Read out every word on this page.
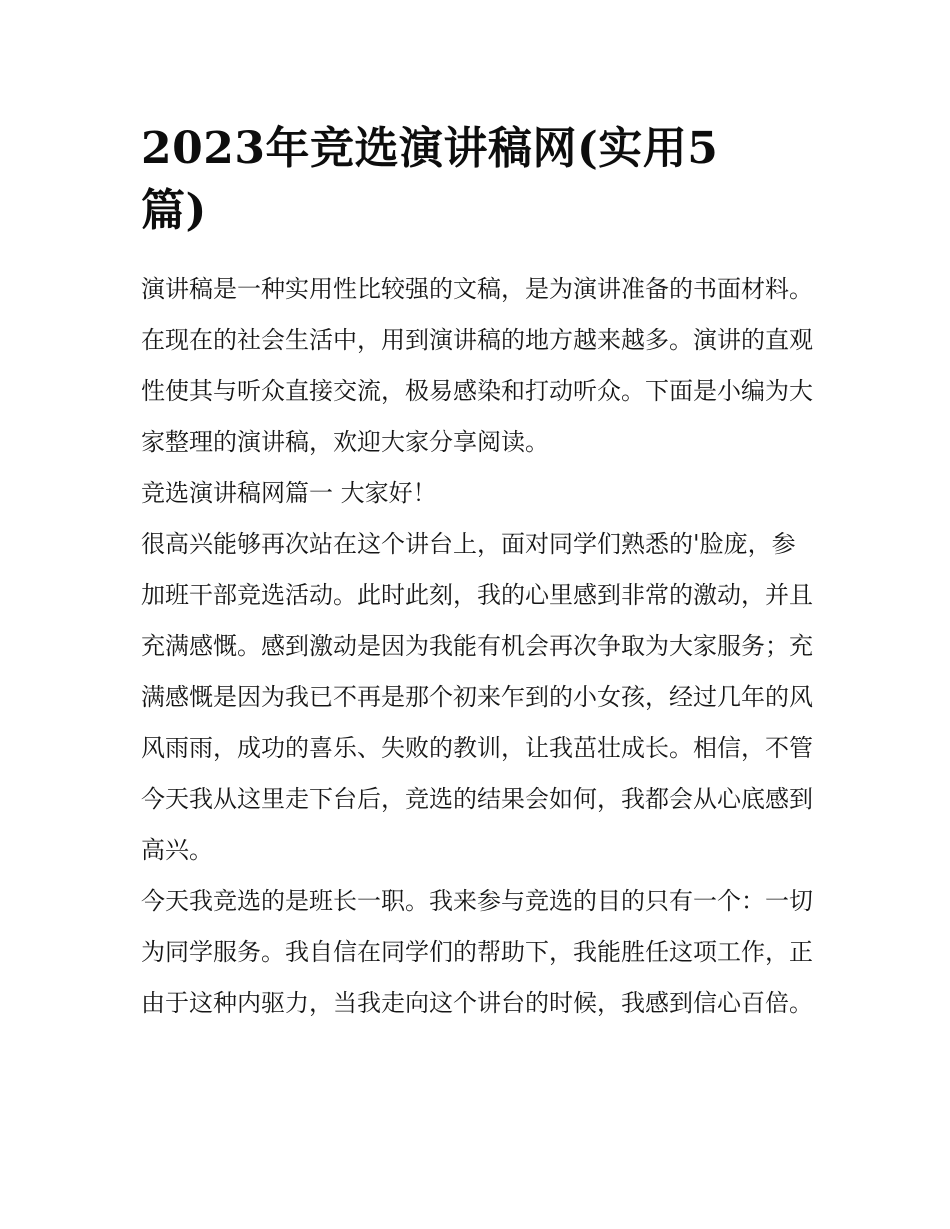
2023年竞选演讲稿网(实用5篇)

演讲稿是一种实用性比较强的文稿，是为演讲准备的书面材料。在现在的社会生活中，用到演讲稿的地方越来越多。演讲的直观性使其与听众直接交流，极易感染和打动听众。下面是小编为大家整理的演讲稿，欢迎大家分享阅读。

竞选演讲稿网篇一 大家好！

很高兴能够再次站在这个讲台上，面对同学们熟悉的'脸庞，参加班干部竞选活动。此时此刻，我的心里感到非常的激动，并且充满感慨。感到激动是因为我能有机会再次争取为大家服务；充满感慨是因为我已不再是那个初来乍到的小女孩，经过几年的风风雨雨，成功的喜乐、失败的教训，让我茁壮成长。相信，不管今天我从这里走下台后，竞选的结果会如何，我都会从心底感到高兴。

今天我竞选的是班长一职。我来参与竞选的目的只有一个：一切为同学服务。我自信在同学们的帮助下，我能胜任这项工作，正由于这种内驱力，当我走向这个讲台的时候，我感到信心百倍。
